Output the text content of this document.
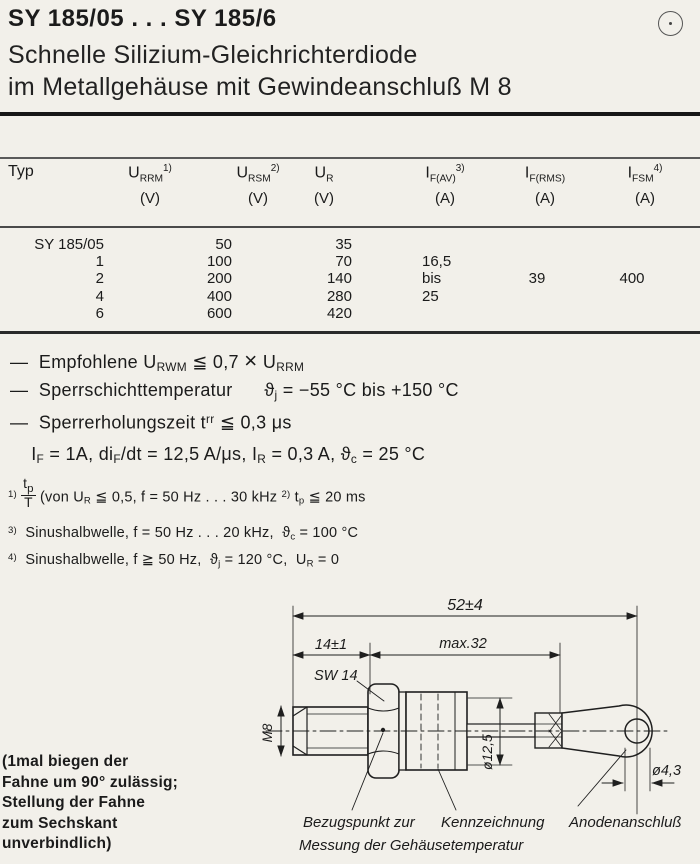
SY 185/05 . . . SY 185/6
Schnelle Silizium-Gleichrichterdiode
im Metallgehäuse mit Gewindeanschluß M 8
Typ	$U_{RRM}^{1)}$	$U_{RSM}^{2)}$	$U_R$	$I_{F(AV)}^{3)}$	$I_{F(RMS)}$	$I_{FSM}^{4)}$
(V)	(V)	(V)	(A)	(A)	(A)
SY 185/05	50	35
1	100	70	16,5
2	200	140	bis	39	400
4	400	280	25
6	600	420
—  Empfohlene URWM ≦ 0,7 × URRM
—  Sperrschichttemperatur ϑj = −55 °C bis +150 °C
—  Sperrerholungszeit $t^{rr}$ ≦ 0,3 μs
IF = 1A, diF/dt = 12,5 A/μs, IR = 0,3 A, ϑc = 25 °C
$^{1)} \frac{t_p}{T} (von$ UR ≦ 0,5, f = 50 Hz . . . 30 kHz $^{2)}$ tp ≦ 20 ms
$^{3)}$  Sinushalbwelle, f = 50 Hz . . . 20 kHz,  ϑc = 100 °C
$^{4)}$  Sinushalbwelle, f ≧ 50 Hz,  ϑj = 120 °C,  UR = 0
(1mal biegen der
Fahne um 90° zulässig;
Stellung der Fahne
zum Sechskant
unverbindlich)
52±4
14±1	max.32
SW 14
M8
ø12,5
ø4,3
Bezugspunkt zur Kennzeichnung Anodenanschluß
Messung der Gehäusetemperatur
